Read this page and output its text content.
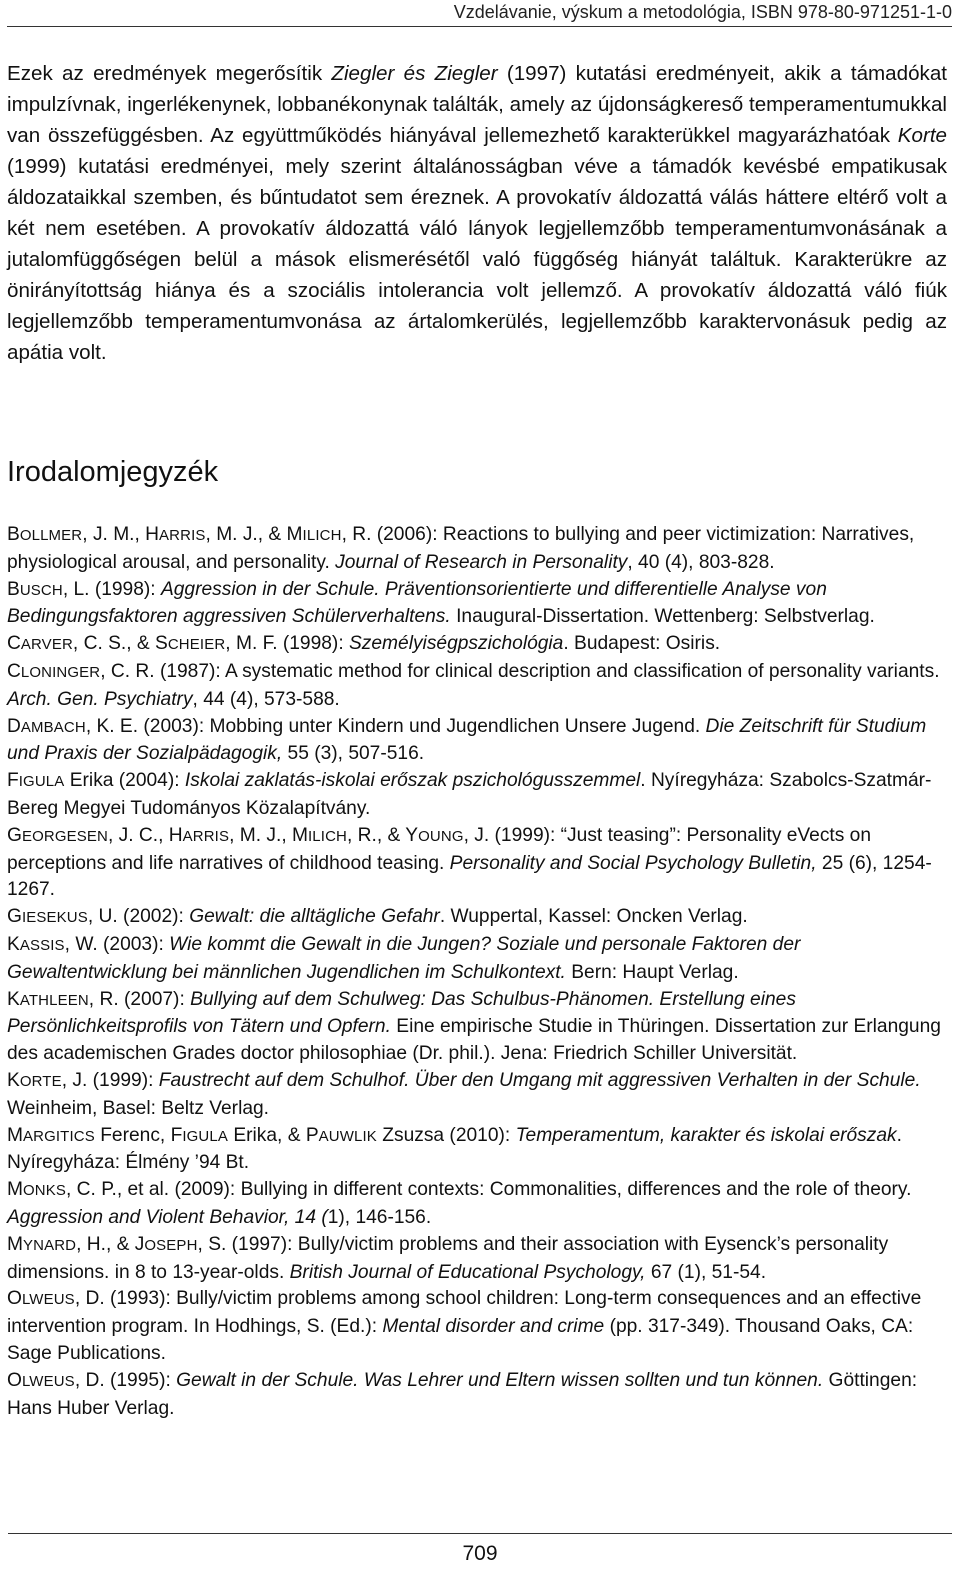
Vzdelávanie, výskum a metodológia, ISBN 978-80-971251-1-0

Ezek az eredmények megerősítik Ziegler és Ziegler (1997) kutatási eredményeit, akik a támadókat impulzívnak, ingerlékenynek, lobbanékonynak találták, amely az újdonságkereső temperamentumukkal van összefüggésben. Az együttműködés hiányával jellemezhető karakterükkel magyarázhatóak Korte (1999) kutatási eredményei, mely szerint általánosságban véve a támadók kevésbé empatikusak áldozataikkal szemben, és bűntudatot sem éreznek. A provokatív áldozattá válás háttere eltérő volt a két nem esetében. A provokatív áldozattá váló lányok legjellemzőbb temperamentumvonásának a jutalomfüggőségen belül a mások elismerésétől való függőség hiányát találtuk. Karakterükre az önirányítottság hiánya és a szociális intolerancia volt jellemző. A provokatív áldozattá váló fiúk legjellemzőbb temperamentumvonása az ártalomkerülés, legjellemzőbb karaktervonásuk pedig az apátia volt.

Irodalomjegyzék

BOLLMER, J. M., HARRIS, M. J., & MILICH, R. (2006): Reactions to bullying and peer victimization: Narratives, physiological arousal, and personality. Journal of Research in Personality, 40 (4), 803-828.

BUSCH, L. (1998): Aggression in der Schule. Präventionsorientierte und differentielle Analyse von Bedingungsfaktoren aggressiven Schülerverhaltens. Inaugural-Dissertation. Wettenberg: Selbstverlag.

CARVER, C. S., & SCHEIER, M. F. (1998): Személyiségpszichológia. Budapest: Osiris.

CLONINGER, C. R. (1987): A systematic method for clinical description and classification of personality variants. Arch. Gen. Psychiatry, 44 (4), 573-588.

DAMBACH, K. E. (2003): Mobbing unter Kindern und Jugendlichen Unsere Jugend. Die Zeitschrift für Studium und Praxis der Sozialpädagogik, 55 (3), 507-516.

FIGULA Erika (2004): Iskolai zaklatás-iskolai erőszak pszichológusszemmel. Nyíregyháza: Szabolcs-Szatmár-Bereg Megyei Tudományos Közalapítvány.

GEORGESEN, J. C., HARRIS, M. J., MILICH, R., & YOUNG, J. (1999): “Just teasing”: Personality eVects on perceptions and life narratives of childhood teasing. Personality and Social Psychology Bulletin, 25 (6), 1254-1267.

GIESEKUS, U. (2002): Gewalt: die alltägliche Gefahr. Wuppertal, Kassel: Oncken Verlag.

KASSIS, W. (2003): Wie kommt die Gewalt in die Jungen? Soziale und personale Faktoren der Gewaltentwicklung bei männlichen Jugendlichen im Schulkontext. Bern: Haupt Verlag.

KATHLEEN, R. (2007): Bullying auf dem Schulweg: Das Schulbus-Phänomen. Erstellung eines Persönlichkeitsprofils von Tätern und Opfern. Eine empirische Studie in Thüringen. Dissertation zur Erlangung des academischen Grades doctor philosophiae (Dr. phil.). Jena: Friedrich Schiller Universität.

KORTE, J. (1999): Faustrecht auf dem Schulhof. Über den Umgang mit aggressiven Verhalten in der Schule. Weinheim, Basel: Beltz Verlag.

MARGITICS Ferenc, FIGULA Erika, & PAUWLIK Zsuzsa (2010): Temperamentum, karakter és iskolai erőszak. Nyíregyháza: Élmény ’94 Bt.

MONKS, C. P., et al. (2009): Bullying in different contexts: Commonalities, differences and the role of theory. Aggression and Violent Behavior, 14 (1), 146-156.

MYNARD, H., & JOSEPH, S. (1997): Bully/victim problems and their association with Eysenck’s personality dimensions. in 8 to 13-year-olds. British Journal of Educational Psychology, 67 (1), 51-54.

OLWEUS, D. (1993): Bully/victim problems among school children: Long-term consequences and an effective intervention program. In Hodhings, S. (Ed.): Mental disorder and crime (pp. 317-349). Thousand Oaks, CA: Sage Publications.

OLWEUS, D. (1995): Gewalt in der Schule. Was Lehrer und Eltern wissen sollten und tun können. Göttingen: Hans Huber Verlag.

709
